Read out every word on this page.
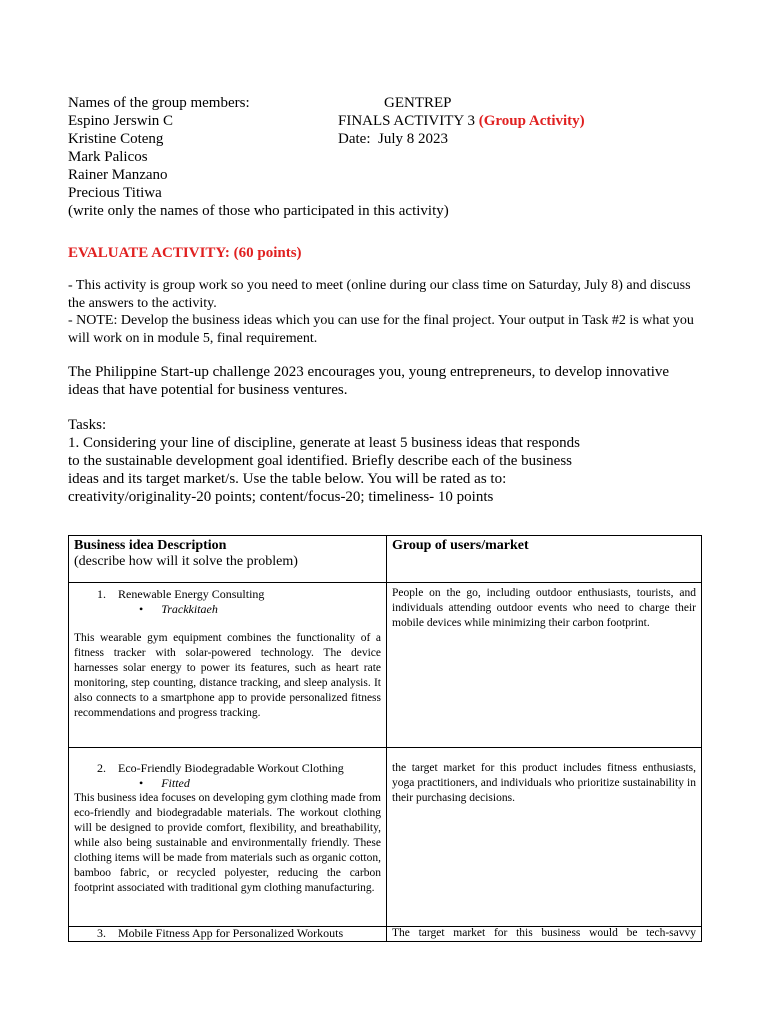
Names of the group members:	GENTREP
Espino Jerswin C	FINALS ACTIVITY 3 (Group Activity)
Kristine Coteng	Date: July 8 2023
Mark Palicos
Rainer Manzano
Precious Titiwa
(write only the names of those who participated in this activity)
EVALUATE ACTIVITY: (60 points)
- This activity is group work so you need to meet (online during our class time on Saturday, July 8) and discuss the answers to the activity.
- NOTE: Develop the business ideas which you can use for the final project. Your output in Task #2 is what you will work on in module 5, final requirement.
The Philippine Start-up challenge 2023 encourages you, young entrepreneurs, to develop innovative ideas that have potential for business ventures.
Tasks:
1. Considering your line of discipline, generate at least 5 business ideas that responds to the sustainable development goal identified. Briefly describe each of the business ideas and its target market/s. Use the table below. You will be rated as to: creativity/originality-20 points; content/focus-20; timeliness- 10 points
Business idea Description
(describe how will it solve the problem)	Group of users/market

1. Renewable Energy Consulting
• Trackkitaeh
This wearable gym equipment combines the functionality of a fitness tracker with solar-powered technology. The device harnesses solar energy to power its features, such as heart rate monitoring, step counting, distance tracking, and sleep analysis. It also connects to a smartphone app to provide personalized fitness recommendations and progress tracking.	People on the go, including outdoor enthusiasts, tourists, and individuals attending outdoor events who need to charge their mobile devices while minimizing their carbon footprint.

2. Eco-Friendly Biodegradable Workout Clothing
• Fitted
This business idea focuses on developing gym clothing made from eco-friendly and biodegradable materials. The workout clothing will be designed to provide comfort, flexibility, and breathability, while also being sustainable and environmentally friendly. These clothing items will be made from materials such as organic cotton, bamboo fabric, or recycled polyester, reducing the carbon footprint associated with traditional gym clothing manufacturing.	the target market for this product includes fitness enthusiasts, yoga practitioners, and individuals who prioritize sustainability in their purchasing decisions.

3. Mobile Fitness App for Personalized Workouts	The target market for this business would be tech-savvy
